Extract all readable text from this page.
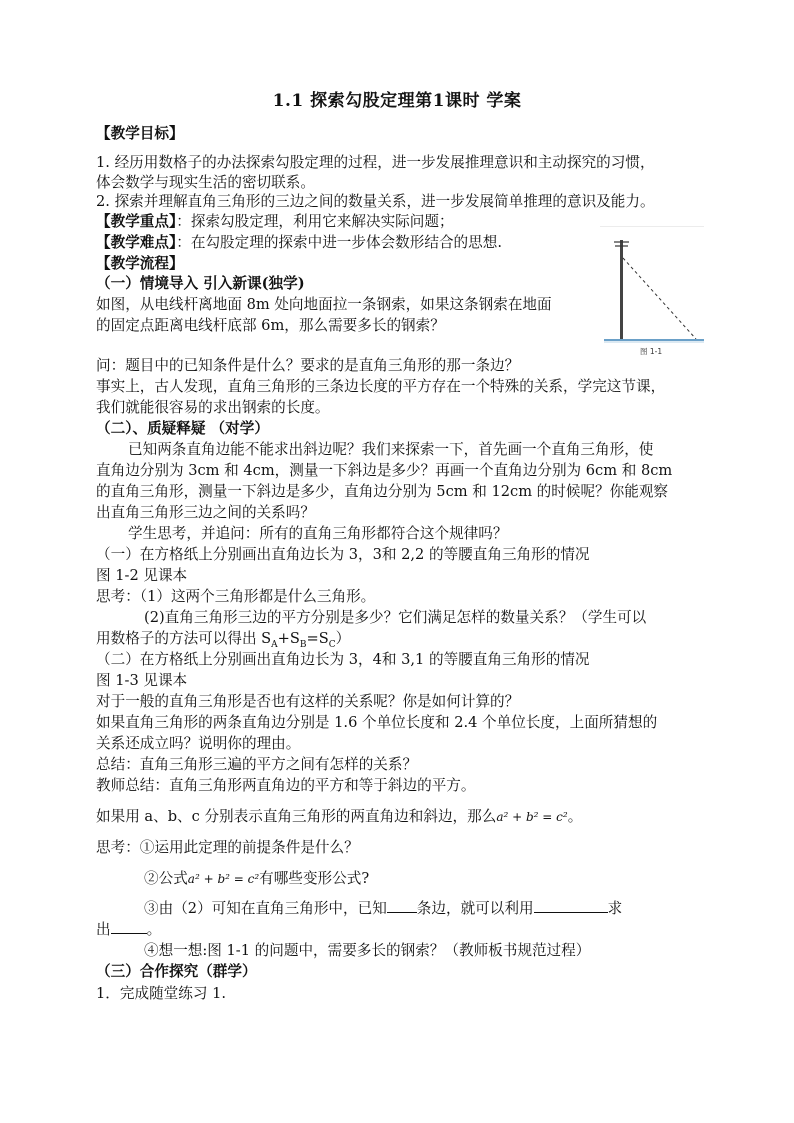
1.1 探索勾股定理第1课时 学案
【教学目标】
1. 经历用数格子的办法探索勾股定理的过程，进一步发展推理意识和主动探究的习惯，
体会数学与现实生活的密切联系。
2. 探索并理解直角三角形的三边之间的数量关系，进一步发展简单推理的意识及能力。
【教学重点】：探索勾股定理，利用它来解决实际问题；
【教学难点】：在勾股定理的探索中进一步体会数形结合的思想.
【教学流程】
（一）情境导入 引入新课(独学)
如图，从电线杆离地面 8m 处向地面拉一条钢索，如果这条钢索在地面
的固定点距离电线杆底部 6m，那么需要多长的钢索？
图 1-1
问：题目中的已知条件是什么？要求的是直角三角形的那一条边？
事实上，古人发现，直角三角形的三条边长度的平方存在一个特殊的关系，学完这节课，
我们就能很容易的求出钢索的长度。
（二）、质疑释疑 （对学）
已知两条直角边能不能求出斜边呢？我们来探索一下，首先画一个直角三角形，使
直角边分别为 3cm 和 4cm，测量一下斜边是多少？再画一个直角边分别为 6cm 和 8cm
的直角三角形，测量一下斜边是多少，直角边分别为 5cm 和 12cm 的时候呢？你能观察
出直角三角形三边之间的关系吗？
学生思考，并追问：所有的直角三角形都符合这个规律吗？
（一）在方格纸上分别画出直角边长为 3，3和 2,2 的等腰直角三角形的情况
图 1-2 见课本
思考：（1）这两个三角形都是什么三角形。
(2)直角三角形三边的平方分别是多少？它们满足怎样的数量关系？（学生可以
用数格子的方法可以得出 $S_A+S_B=S_C$）
（二）在方格纸上分别画出直角边长为 3，4和 3,1 的等腰直角三角形的情况
图 1-3 见课本
对于一般的直角三角形是否也有这样的关系呢？你是如何计算的？
如果直角三角形的两条直角边分别是 1.6 个单位长度和 2.4 个单位长度，上面所猜想的
关系还成立吗？说明你的理由。
总结：直角三角形三遍的平方之间有怎样的关系？
教师总结：直角三角形两直角边的平方和等于斜边的平方。
如果用 a、b、c 分别表示直角三角形的两直角边和斜边，那么a² + b² = c²。
思考：①运用此定理的前提条件是什么？
②公式a² + b² = c²有哪些变形公式?
③由（2）可知在直角三角形中，已知 条边，就可以利用	求
出 。
④想一想:图 1-1 的问题中，需要多长的钢索？（教师板书规范过程）
（三）合作探究（群学）
1．完成随堂练习 1.
